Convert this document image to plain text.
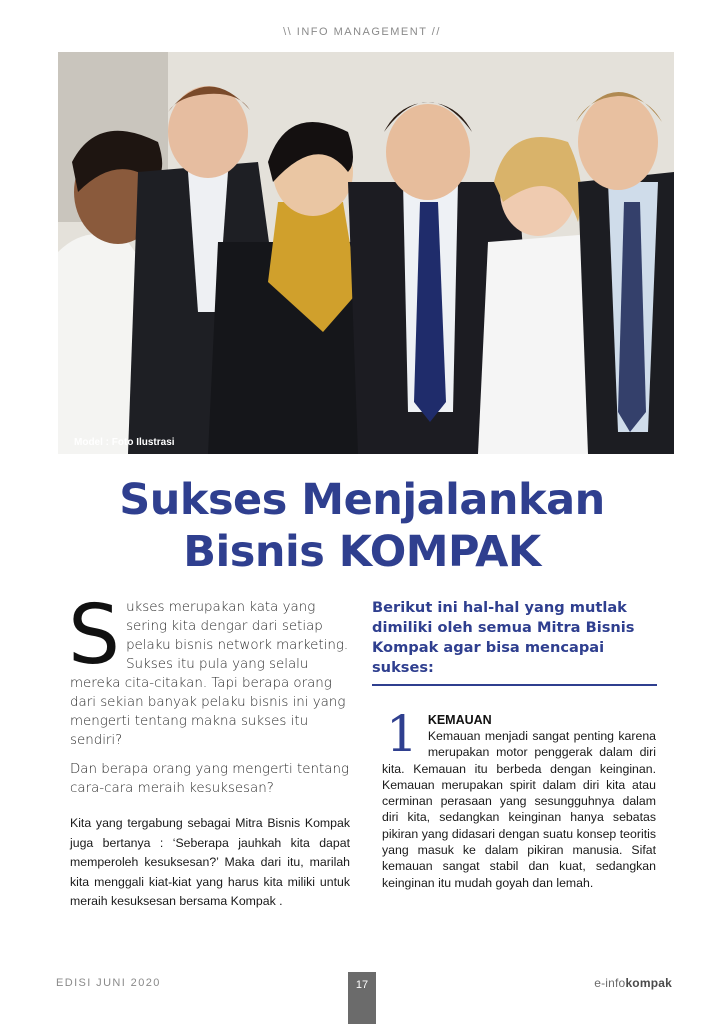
\\ INFO MANAGEMENT //
Model : Foto Ilustrasi
Sukses Menjalankan
Bisnis KOMPAK
S ukses merupakan kata yang sering kita dengar dari setiap pelaku bisnis network marketing. Sukses itu pula yang selalu mereka cita-citakan. Tapi berapa orang dari sekian banyak pelaku bisnis ini yang mengerti tentang makna sukses itu sendiri?

Dan berapa orang yang mengerti tentang cara-cara meraih kesuksesan?

Kita yang tergabung sebagai Mitra Bisnis Kompak juga bertanya : ‘Seberapa jauhkah kita dapat memperoleh kesuksesan?’ Maka dari itu, marilah kita menggali kiat-kiat yang harus kita miliki untuk meraih kesuksesan bersama Kompak .

Berikut ini hal-hal yang mutlak dimiliki oleh semua Mitra Bisnis Kompak agar bisa mencapai sukses:

1 KEMAUAN

Kemauan menjadi sangat penting karena merupakan motor penggerak dalam diri kita. Kemauan itu berbeda dengan keinginan. Kemauan merupakan spirit dalam diri kita atau cerminan perasaan yang sesungguhnya dalam diri kita, sedangkan keinginan hanya sebatas pikiran yang didasari dengan suatu konsep teoritis yang masuk ke dalam pikiran manusia. Sifat kemauan sangat stabil dan kuat, sedangkan keinginan itu mudah goyah dan lemah.

EDISI JUNI 2020	17	e-infokompak
